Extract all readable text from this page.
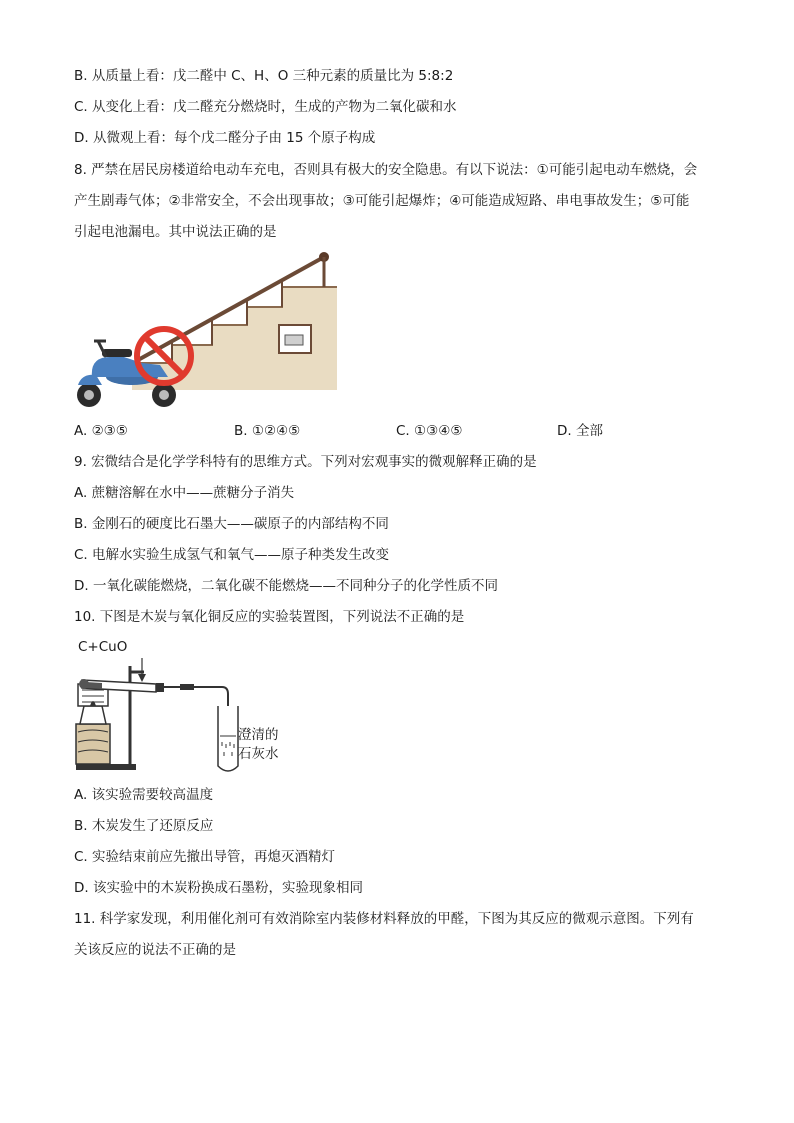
B. 从质量上看：戊二醛中 C、H、O 三种元素的质量比为 5:8:2
C. 从变化上看：戊二醛充分燃烧时，生成的产物为二氧化碳和水
D. 从微观上看：每个戊二醛分子由 15 个原子构成
8. 严禁在居民房楼道给电动车充电，否则具有极大的安全隐患。有以下说法：①可能引起电动车燃烧，会
产生剧毒气体；②非常安全，不会出现事故；③可能引起爆炸；④可能造成短路、串电事故发生；⑤可能
引起电池漏电。其中说法正确的是
A. ②③⑤	B. ①②④⑤	C. ①③④⑤	D. 全部
9. 宏微结合是化学学科特有的思维方式。下列对宏观事实的微观解释正确的是
A. 蔗糖溶解在水中——蔗糖分子消失
B. 金刚石的硬度比石墨大——碳原子的内部结构不同
C. 电解水实验生成氢气和氧气——原子种类发生改变
D. 一氧化碳能燃烧，二氧化碳不能燃烧——不同种分子的化学性质不同
10. 下图是木炭与氧化铜反应的实验装置图，下列说法不正确的是
C+CuO
澄清的
石灰水
A. 该实验需要较高温度
B. 木炭发生了还原反应
C. 实验结束前应先撤出导管，再熄灭酒精灯
D. 该实验中的木炭粉换成石墨粉，实验现象相同
11. 科学家发现，利用催化剂可有效消除室内装修材料释放的甲醛，下图为其反应的微观示意图。下列有
关该反应的说法不正确的是
